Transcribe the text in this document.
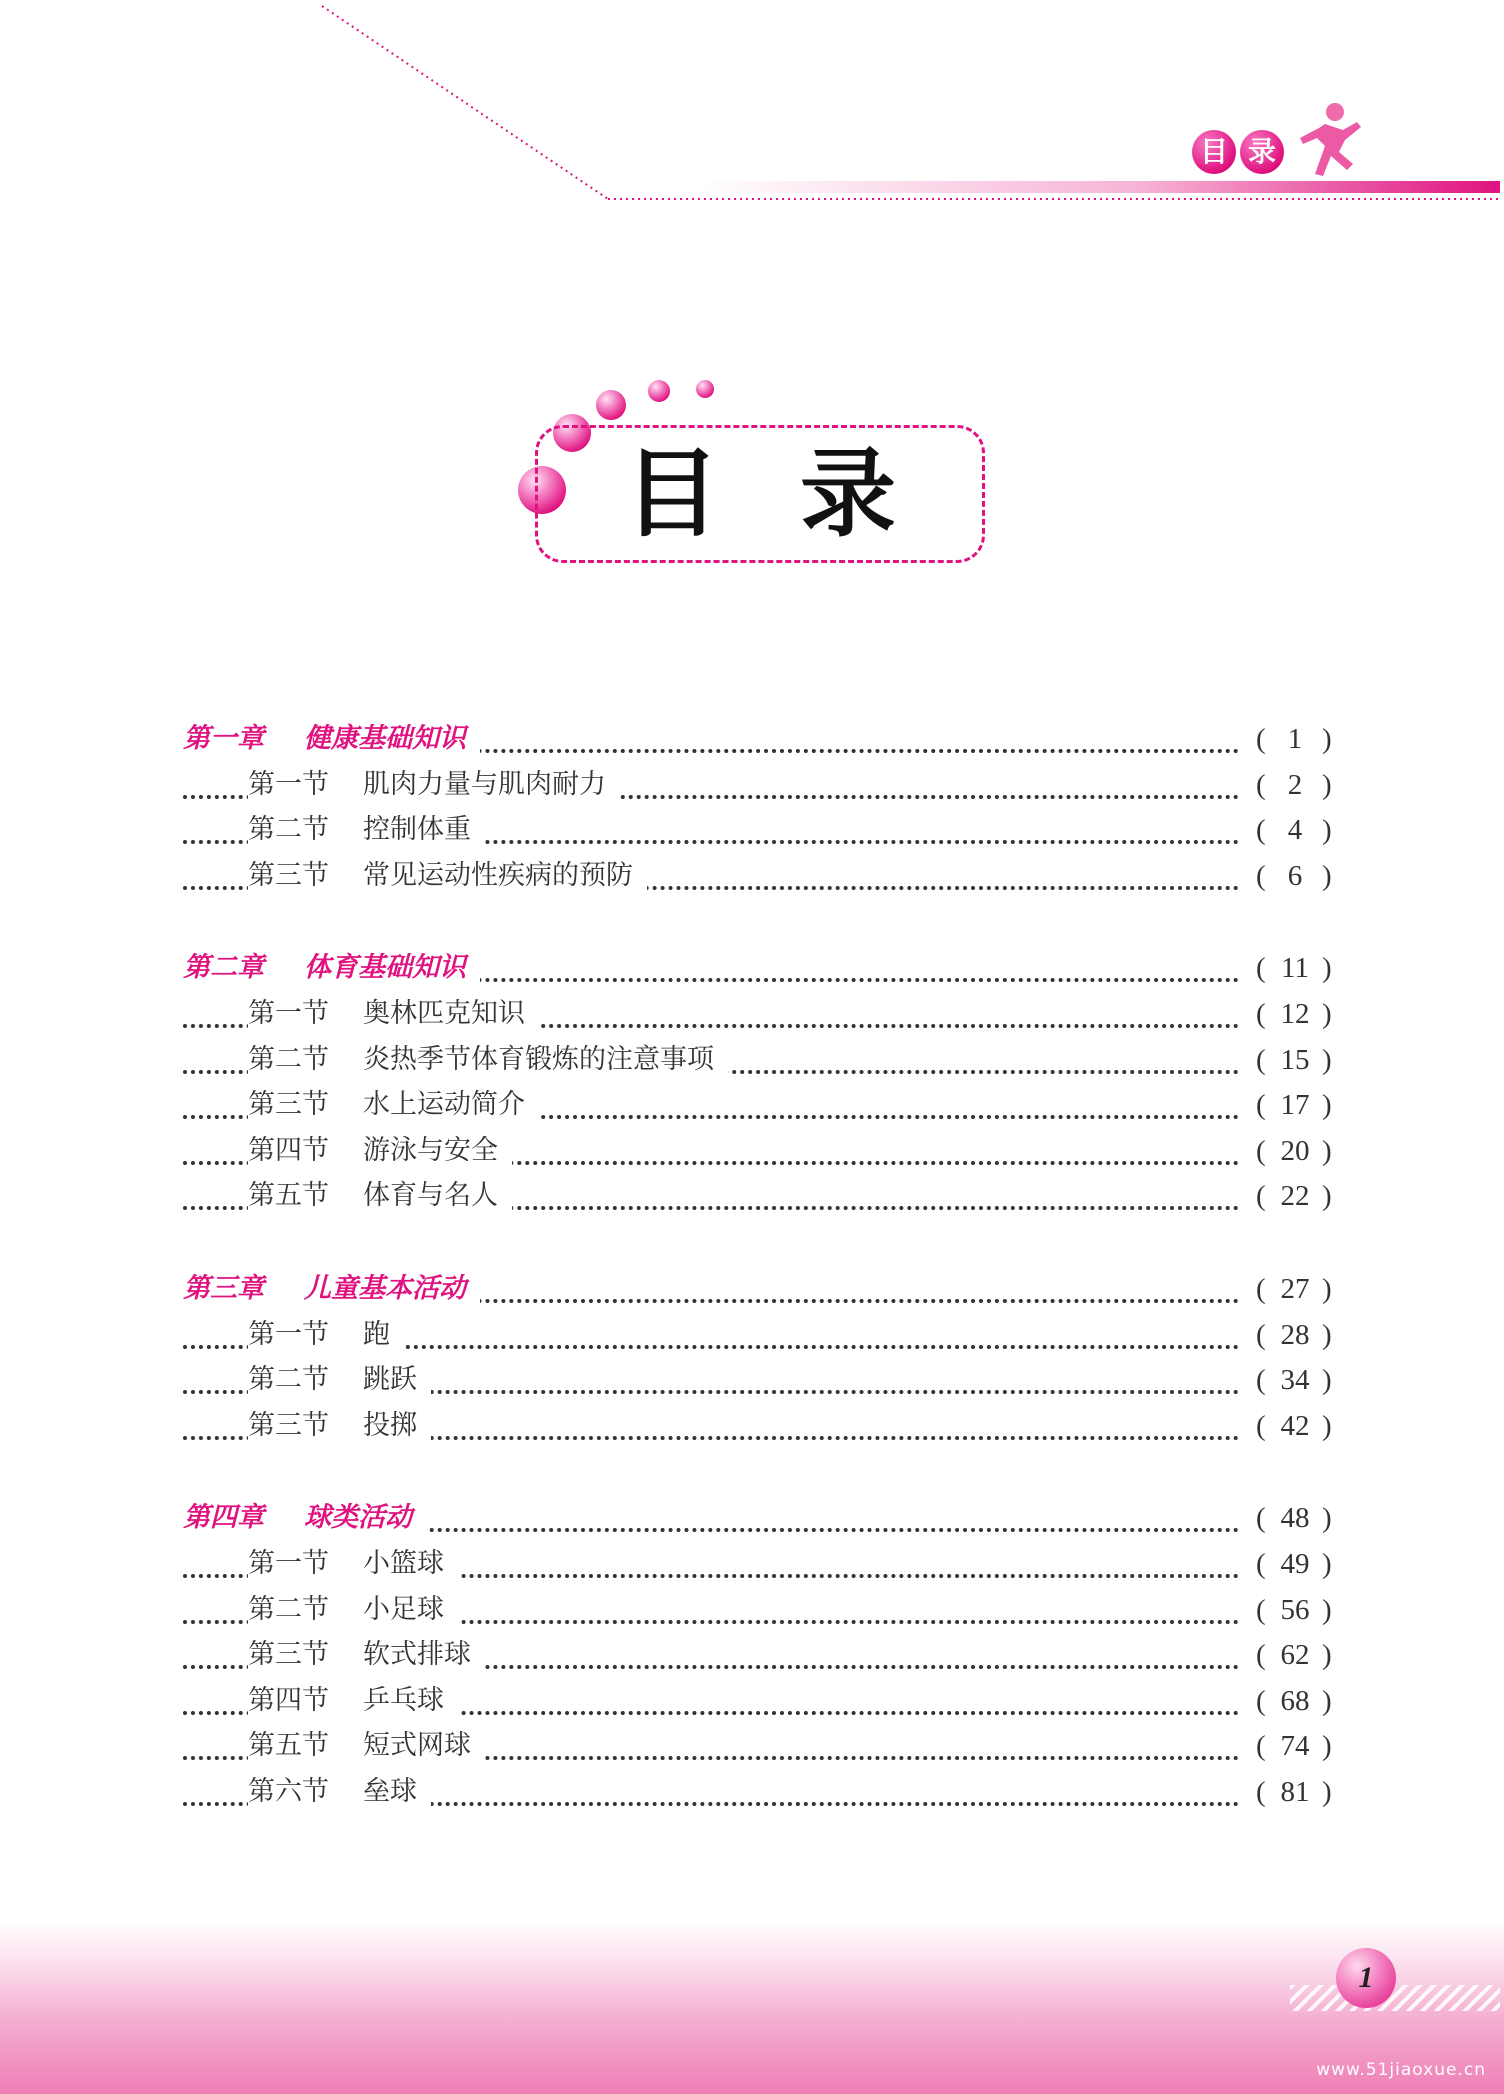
目 录
目录
第一章 健康基础知识	( 1 )
第一节 肌肉力量与肌肉耐力	( 2 )
第二节 控制体重	( 4 )
第三节 常见运动性疾病的预防	( 6 )
第二章 体育基础知识	( 11 )
第一节 奥林匹克知识	( 12 )
第二节 炎热季节体育锻炼的注意事项	( 15 )
第三节 水上运动简介	( 17 )
第四节 游泳与安全	( 20 )
第五节 体育与名人	( 22 )
第三章 儿童基本活动	( 27 )
第一节 跑	( 28 )
第二节 跳跃	( 34 )
第三节 投掷	( 42 )
第四章 球类活动	( 48 )
第一节 小篮球	( 49 )
第二节 小足球	( 56 )
第三节 软式排球	( 62 )
第四节 乒乓球	( 68 )
第五节 短式网球	( 74 )
第六节 垒球	( 81 )
1
www.51jiaoxue.cn
